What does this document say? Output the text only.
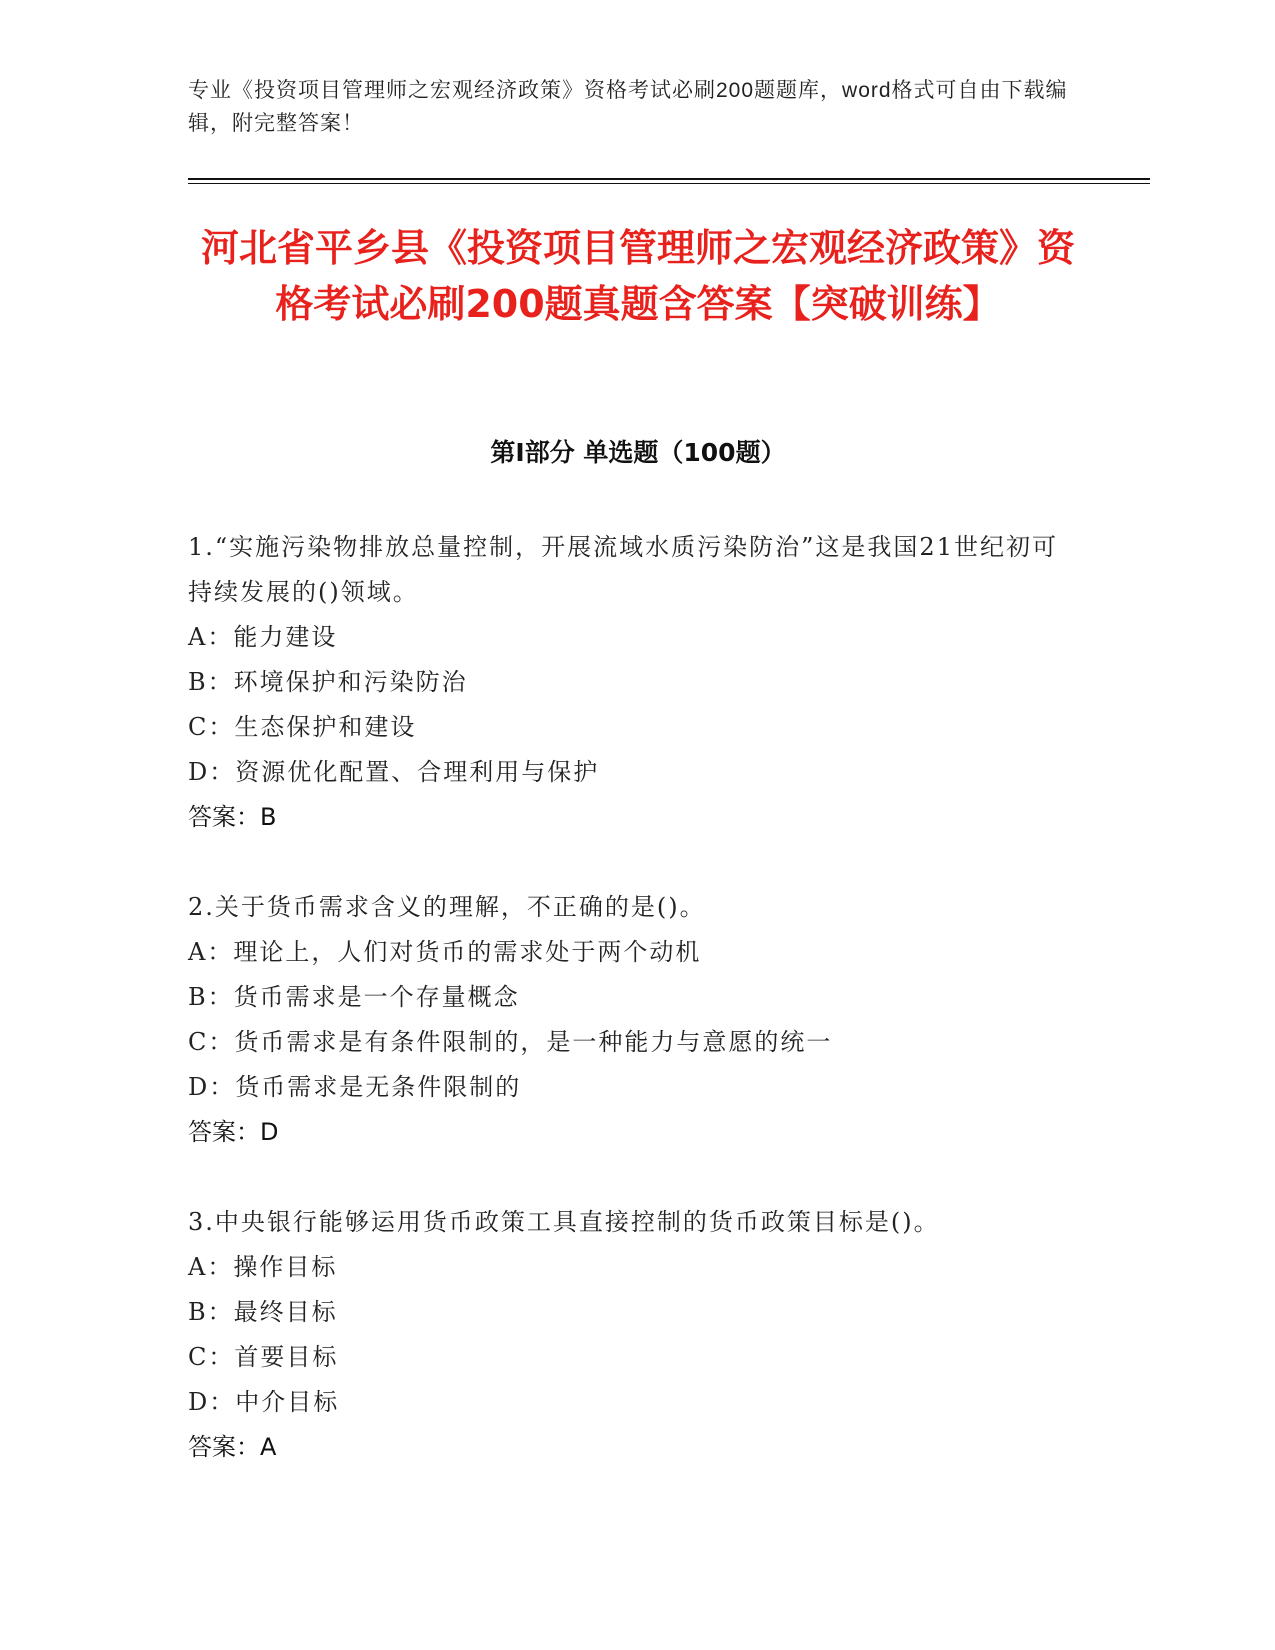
专业《投资项目管理师之宏观经济政策》资格考试必刷200题题库，word格式可自由下载编辑，附完整答案！
河北省平乡县《投资项目管理师之宏观经济政策》资格考试必刷200题真题含答案【突破训练】
第I部分 单选题（100题）
1.“实施污染物排放总量控制，开展流域水质污染防治”这是我国21世纪初可持续发展的()领域。
A：能力建设
B：环境保护和污染防治
C：生态保护和建设
D：资源优化配置、合理利用与保护
答案：B
2.关于货币需求含义的理解，不正确的是()。
A：理论上，人们对货币的需求处于两个动机
B：货币需求是一个存量概念
C：货币需求是有条件限制的，是一种能力与意愿的统一
D：货币需求是无条件限制的
答案：D
3.中央银行能够运用货币政策工具直接控制的货币政策目标是()。
A：操作目标
B：最终目标
C：首要目标
D：中介目标
答案：A
